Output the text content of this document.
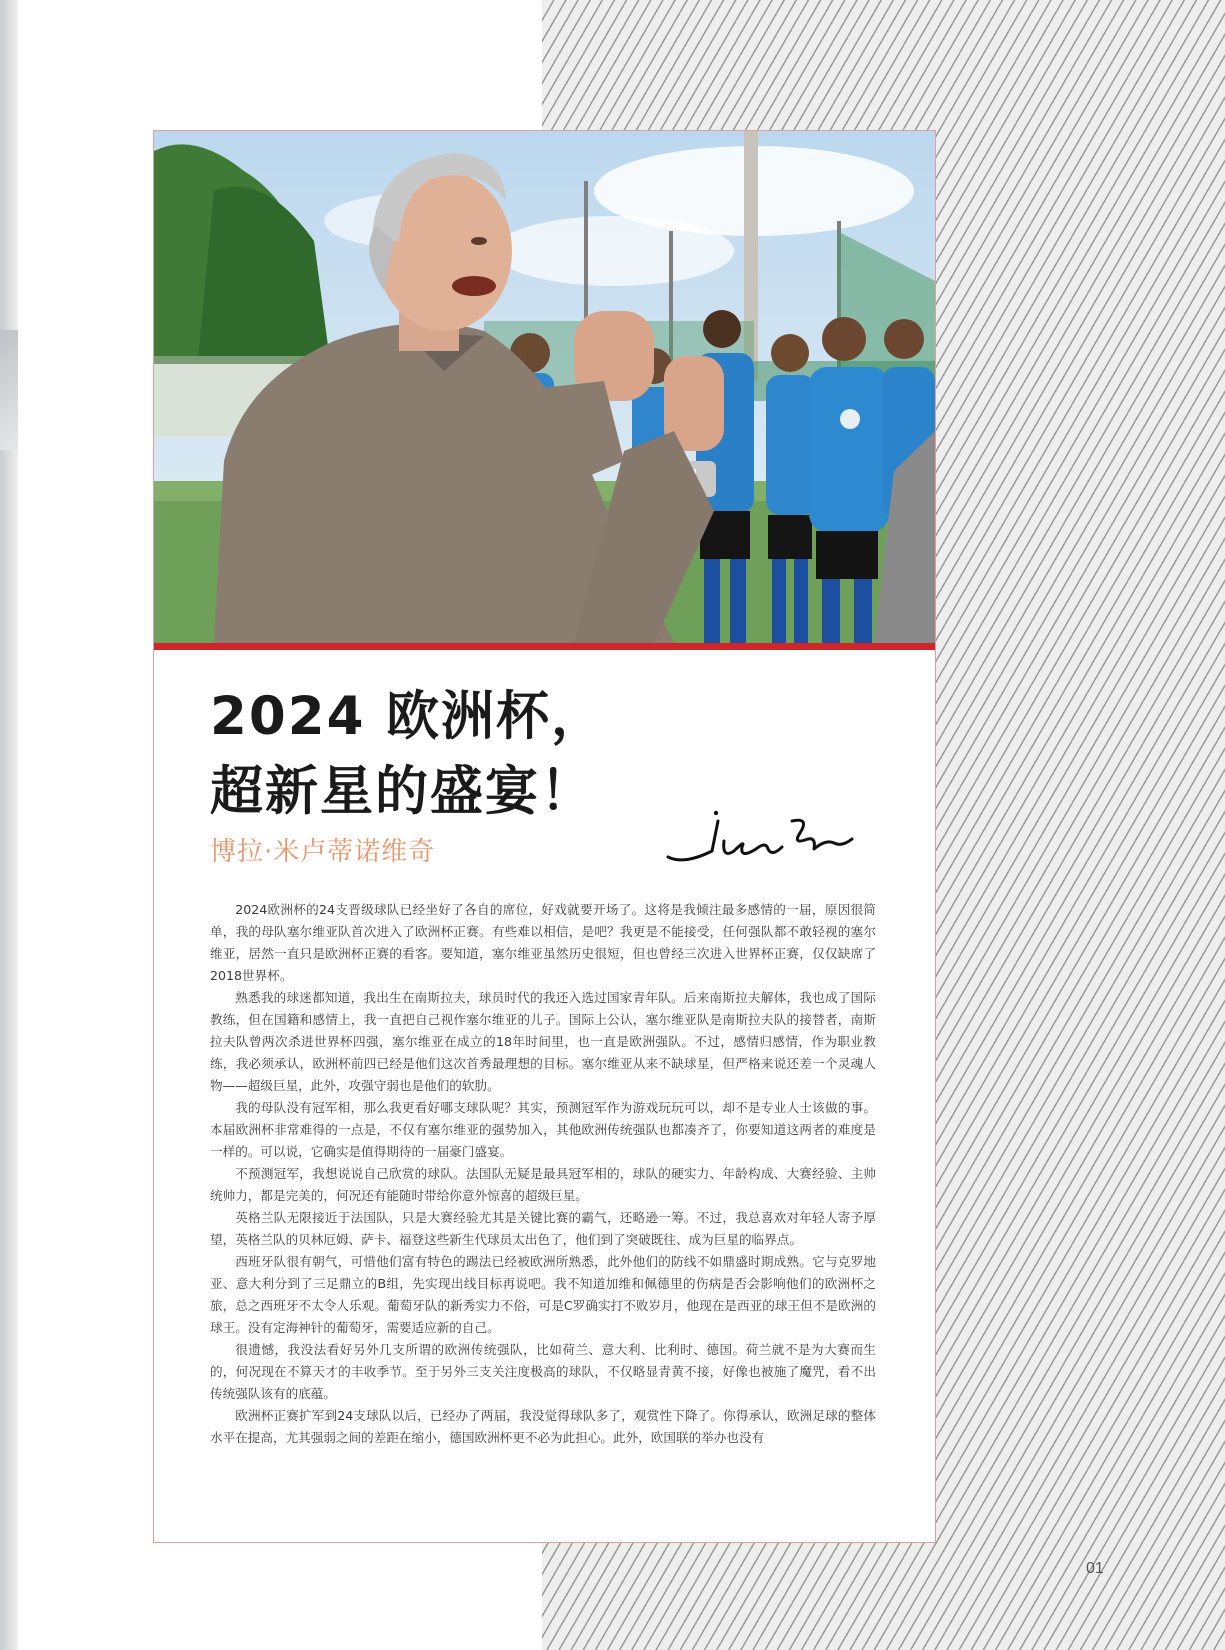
2024 欧洲杯，
超新星的盛宴！
博拉·米卢蒂诺维奇

2024欧洲杯的24支晋级球队已经坐好了各自的席位，好戏就要开场了。这将是我倾注最多感情的一届，原因很简单，我的母队塞尔维亚队首次进入了欧洲杯正赛。有些难以相信，是吧？我更是不能接受，任何强队都不敢轻视的塞尔维亚，居然一直只是欧洲杯正赛的看客。要知道，塞尔维亚虽然历史很短，但也曾经三次进入世界杯正赛，仅仅缺席了2018世界杯。

熟悉我的球迷都知道，我出生在南斯拉夫，球员时代的我还入选过国家青年队。后来南斯拉夫解体，我也成了国际教练，但在国籍和感情上，我一直把自己视作塞尔维亚的儿子。国际上公认，塞尔维亚队是南斯拉夫队的接替者，南斯拉夫队曾两次杀进世界杯四强，塞尔维亚在成立的18年时间里，也一直是欧洲强队。不过，感情归感情，作为职业教练，我必须承认，欧洲杯前四已经是他们这次首秀最理想的目标。塞尔维亚从来不缺球星，但严格来说还差一个灵魂人物——超级巨星，此外，攻强守弱也是他们的软肋。

我的母队没有冠军相，那么我更看好哪支球队呢？其实，预测冠军作为游戏玩玩可以，却不是专业人士该做的事。本届欧洲杯非常难得的一点是，不仅有塞尔维亚的强势加入，其他欧洲传统强队也都凑齐了，你要知道这两者的难度是一样的。可以说，它确实是值得期待的一届豪门盛宴。

不预测冠军，我想说说自己欣赏的球队。法国队无疑是最具冠军相的，球队的硬实力、年龄构成、大赛经验、主帅统帅力，都是完美的，何况还有能随时带给你意外惊喜的超级巨星。

英格兰队无限接近于法国队，只是大赛经验尤其是关键比赛的霸气，还略逊一筹。不过，我总喜欢对年轻人寄予厚望，英格兰队的贝林厄姆、萨卡、福登这些新生代球员太出色了，他们到了突破既往、成为巨星的临界点。

西班牙队很有朝气，可惜他们富有特色的踢法已经被欧洲所熟悉，此外他们的防线不如鼎盛时期成熟。它与克罗地亚、意大利分到了三足鼎立的B组，先实现出线目标再说吧。我不知道加维和佩德里的伤病是否会影响他们的欧洲杯之旅，总之西班牙不太令人乐观。葡萄牙队的新秀实力不俗，可是C罗确实打不败岁月，他现在是西亚的球王但不是欧洲的球王。没有定海神针的葡萄牙，需要适应新的自己。

很遗憾，我没法看好另外几支所谓的欧洲传统强队，比如荷兰、意大利、比利时、德国。荷兰就不是为大赛而生的，何况现在不算天才的丰收季节。至于另外三支关注度极高的球队，不仅略显青黄不接，好像也被施了魔咒，看不出传统强队该有的底蕴。

欧洲杯正赛扩军到24支球队以后，已经办了两届，我没觉得球队多了，观赏性下降了。你得承认，欧洲足球的整体水平在提高，尤其强弱之间的差距在缩小，德国欧洲杯更不必为此担心。此外，欧国联的举办也没有

01
